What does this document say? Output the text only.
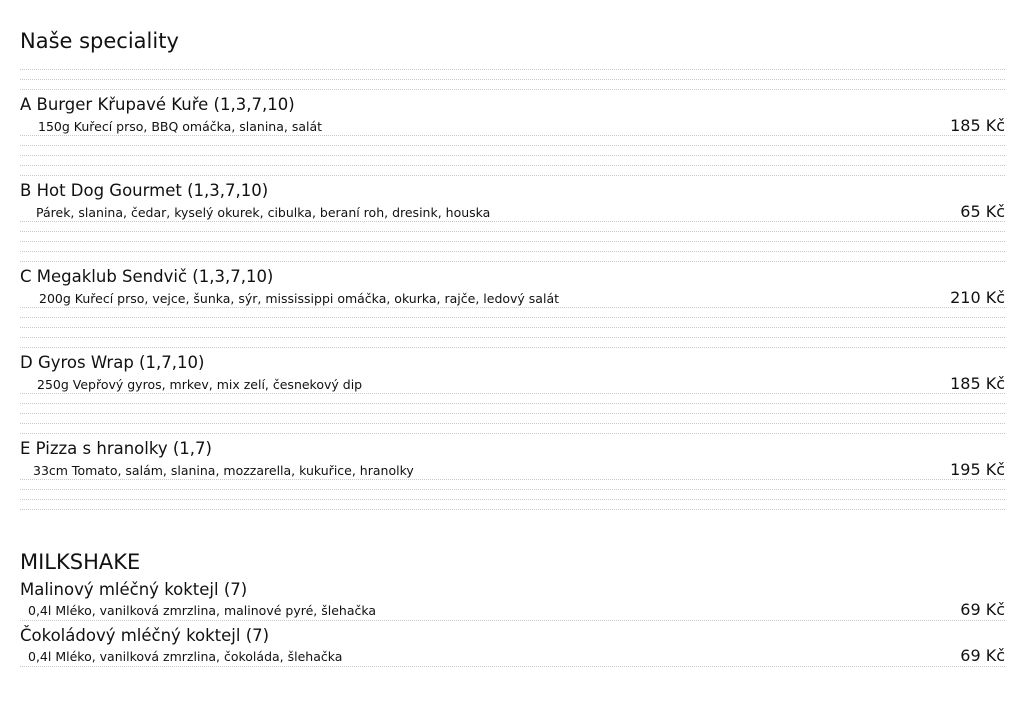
Naše speciality
A Burger Křupavé Kuře (1,3,7,10)
150g Kuřecí prso, BBQ omáčka, slanina, salát	185 Kč
B Hot Dog Gourmet (1,3,7,10)
Párek, slanina, čedar, kyselý okurek, cibulka, beraní roh, dresink, houska	65 Kč
C Megaklub Sendvič (1,3,7,10)
200g Kuřecí prso, vejce, šunka, sýr, mississippi omáčka, okurka, rajče, ledový salát	210 Kč
D Gyros Wrap (1,7,10)
250g Vepřový gyros, mrkev, mix zelí, česnekový dip	185 Kč
E Pizza s hranolky (1,7)
33cm Tomato, salám, slanina, mozzarella, kukuřice, hranolky	195 Kč
MILKSHAKE
Malinový mléčný koktejl (7)
0,4l Mléko, vanilková zmrzlina, malinové pyré, šlehačka	69 Kč
Čokoládový mléčný koktejl (7)
0,4l Mléko, vanilková zmrzlina, čokoláda, šlehačka	69 Kč
